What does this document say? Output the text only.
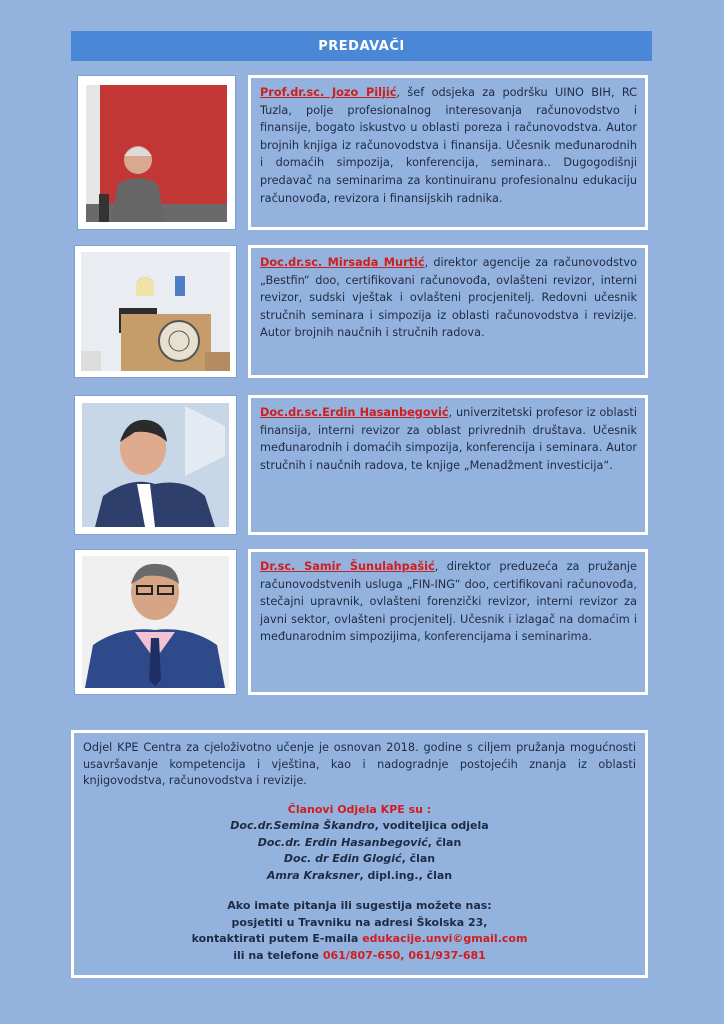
PREDAVAČI
Prof.dr.sc. Jozo Piljić, šef odsjeka za podršku UINO BIH, RC Tuzla, polje profesionalnog interesovanja računovodstvo i finansije, bogato iskustvo u oblasti poreza i računovodstva. Autor brojnih knjiga iz računovodstva i finansija. Učesnik međunarodnih i domaćih simpozija, konferencija, seminara.. Dugogodišnji predavač na seminarima za kontinuiranu profesionalnu edukaciju računovođa, revizora i finansijskih radnika.
Doc.dr.sc. Mirsada Murtić, direktor agencije za računovodstvo „Bestfin“ doo, certifikovani računovođa, ovlašteni revizor, interni revizor, sudski vještak i ovlašteni procjenitelj. Redovni učesnik stručnih seminara i simpozija iz oblasti računovodstva i revizije. Autor brojnih naučnih i stručnih radova.
Doc.dr.sc.Erdin Hasanbegović, univerzitetski profesor iz oblasti finansija, interni revizor za oblast privrednih društava. Učesnik međunarodnih i domaćih simpozija, konferencija i seminara. Autor stručnih i naučnih radova, te knjige „Menadžment investicija“.
Dr.sc. Samir Šunulahpašić, direktor preduzeća za pružanje računovodstvenih usluga „FIN-ING“ doo, certifikovani računovođa, stečajni upravnik, ovlašteni forenzički revizor, interni revizor za javni sektor, ovlašteni procjenitelj. Učesnik i izlagač na domaćim i međunarodnim simpozijima, konferencijama i seminarima.

Odjel KPE Centra za cjeloživotno učenje je osnovan 2018. godine s ciljem pružanja mogućnosti usavršavanje kompetencija i vještina, kao i nadogradnje postojećih znanja iz oblasti knjigovodstva, računovodstva i revizije.

Članovi Odjela KPE su :
Doc.dr.Semina Škandro, voditeljica odjela
Doc.dr. Erdin Hasanbegović, član
Doc. dr Edin Glogić, član
Amra Kraksner, dipl.ing., član
Ako imate pitanja ili sugestija možete nas:
posjetiti u Travniku na adresi Školska 23,
kontaktirati putem E-maila edukacije.unvi©gmail.com
ili na telefone 061/807-650, 061/937-681
